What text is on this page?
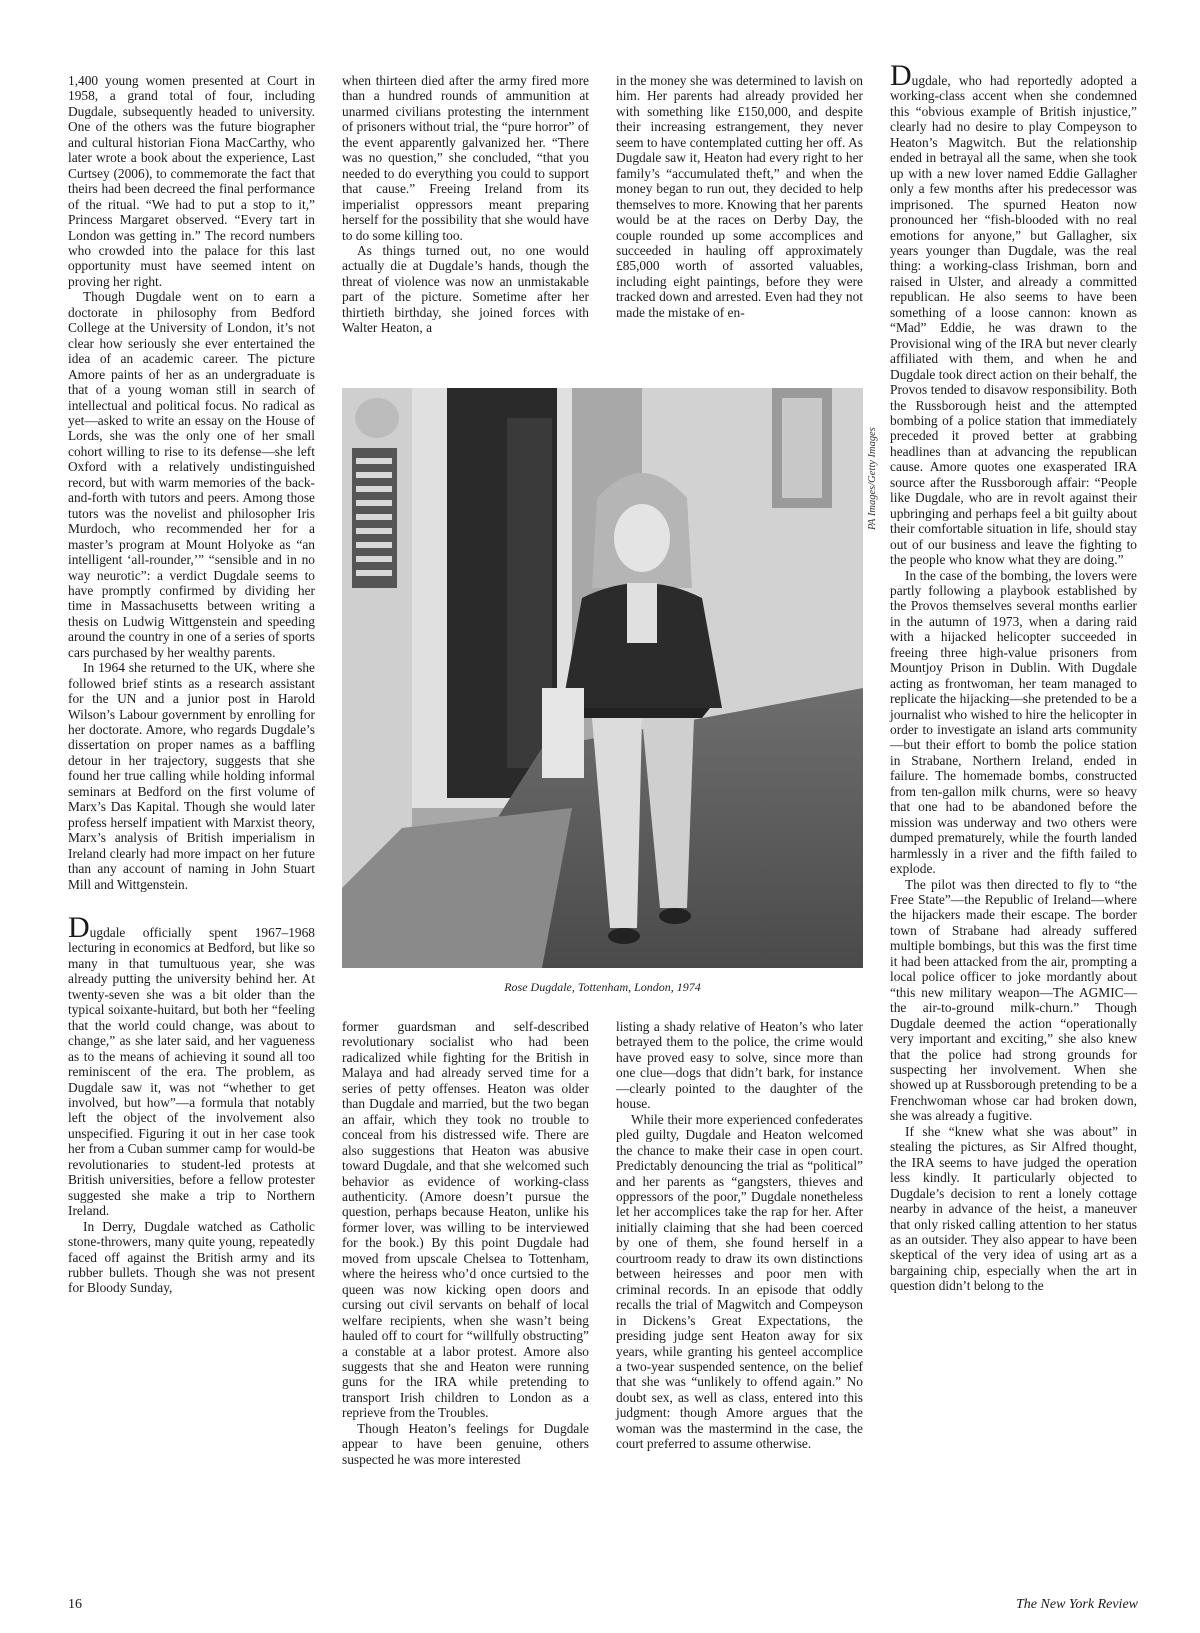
1,400 young women presented at Court in 1958, a grand total of four, including Dugdale, subsequently headed to university. One of the others was the future biographer and cultural historian Fiona MacCarthy, who later wrote a book about the experience, Last Curtsey (2006), to commemorate the fact that theirs had been decreed the final performance of the ritual. “We had to put a stop to it,” Princess Margaret observed. “Every tart in London was getting in.” The record numbers who crowded into the palace for this last opportunity must have seemed intent on proving her right.

Though Dugdale went on to earn a doctorate in philosophy from Bedford College at the University of London, it’s not clear how seriously she ever entertained the idea of an academic career. The picture Amore paints of her as an undergraduate is that of a young woman still in search of intellectual and political focus. No radical as yet—asked to write an essay on the House of Lords, she was the only one of her small cohort willing to rise to its defense—she left Oxford with a relatively undistinguished record, but with warm memories of the back-and-forth with tutors and peers. Among those tutors was the novelist and philosopher Iris Murdoch, who recommended her for a master’s program at Mount Holyoke as “an intelligent ‘all-rounder,’” “sensible and in no way neurotic”: a verdict Dugdale seems to have promptly confirmed by dividing her time in Massachusetts between writing a thesis on Ludwig Wittgenstein and speeding around the country in one of a series of sports cars purchased by her wealthy parents.

In 1964 she returned to the UK, where she followed brief stints as a research assistant for the UN and a junior post in Harold Wilson’s Labour government by enrolling for her doctorate. Amore, who regards Dugdale’s dissertation on proper names as a baffling detour in her trajectory, suggests that she found her true calling while holding informal seminars at Bedford on the first volume of Marx’s Das Kapital. Though she would later profess herself impatient with Marxist theory, Marx’s analysis of British imperialism in Ireland clearly had more impact on her future than any account of naming in John Stuart Mill and Wittgenstein.

Dugdale officially spent 1967–1968 lecturing in economics at Bedford, but like so many in that tumultuous year, she was already putting the university behind her. At twenty-seven she was a bit older than the typical soixante-huitard, but both her “feeling that the world could change, was about to change,” as she later said, and her vagueness as to the means of achieving it sound all too reminiscent of the era. The problem, as Dugdale saw it, was not “whether to get involved, but how”—a formula that notably left the object of the involvement also unspecified. Figuring it out in her case took her from a Cuban summer camp for would-be revolutionaries to student-led protests at British universities, before a fellow protester suggested she make a trip to Northern Ireland.

In Derry, Dugdale watched as Catholic stone-throwers, many quite young, repeatedly faced off against the British army and its rubber bullets. Though she was not present for Bloody Sunday,

when thirteen died after the army fired more than a hundred rounds of ammunition at unarmed civilians protesting the internment of prisoners without trial, the “pure horror” of the event apparently galvanized her. “There was no question,” she concluded, “that you needed to do everything you could to support that cause.” Freeing Ireland from its imperialist oppressors meant preparing herself for the possibility that she would have to do some killing too.

As things turned out, no one would actually die at Dugdale’s hands, though the threat of violence was now an unmistakable part of the picture. Sometime after her thirtieth birthday, she joined forces with Walter Heaton, a

in the money she was determined to lavish on him. Her parents had already provided her with something like £150,000, and despite their increasing estrangement, they never seem to have contemplated cutting her off. As Dugdale saw it, Heaton had every right to her family’s “accumulated theft,” and when the money began to run out, they decided to help themselves to more. Knowing that her parents would be at the races on Derby Day, the couple rounded up some accomplices and succeeded in hauling off approximately £85,000 worth of assorted valuables, including eight paintings, before they were tracked down and arrested. Even had they not made the mistake of en-

PA Images/Getty Images
Rose Dugdale, Tottenham, London, 1974

former guardsman and self-described revolutionary socialist who had been radicalized while fighting for the British in Malaya and had already served time for a series of petty offenses. Heaton was older than Dugdale and married, but the two began an affair, which they took no trouble to conceal from his distressed wife. There are also suggestions that Heaton was abusive toward Dugdale, and that she welcomed such behavior as evidence of working-class authenticity. (Amore doesn’t pursue the question, perhaps because Heaton, unlike his former lover, was willing to be interviewed for the book.) By this point Dugdale had moved from upscale Chelsea to Tottenham, where the heiress who’d once curtsied to the queen was now kicking open doors and cursing out civil servants on behalf of local welfare recipients, when she wasn’t being hauled off to court for “willfully obstructing” a constable at a labor protest. Amore also suggests that she and Heaton were running guns for the IRA while pretending to transport Irish children to London as a reprieve from the Troubles.

Though Heaton’s feelings for Dugdale appear to have been genuine, others suspected he was more interested

listing a shady relative of Heaton’s who later betrayed them to the police, the crime would have proved easy to solve, since more than one clue—dogs that didn’t bark, for instance—clearly pointed to the daughter of the house.

While their more experienced confederates pled guilty, Dugdale and Heaton welcomed the chance to make their case in open court. Predictably denouncing the trial as “political” and her parents as “gangsters, thieves and oppressors of the poor,” Dugdale nonetheless let her accomplices take the rap for her. After initially claiming that she had been coerced by one of them, she found herself in a courtroom ready to draw its own distinctions between heiresses and poor men with criminal records. In an episode that oddly recalls the trial of Magwitch and Compeyson in Dickens’s Great Expectations, the presiding judge sent Heaton away for six years, while granting his genteel accomplice a two-year suspended sentence, on the belief that she was “unlikely to offend again.” No doubt sex, as well as class, entered into this judgment: though Amore argues that the woman was the mastermind in the case, the court preferred to assume otherwise.

Dugdale, who had reportedly adopted a working-class accent when she condemned this “obvious example of British injustice,” clearly had no desire to play Compeyson to Heaton’s Magwitch. But the relationship ended in betrayal all the same, when she took up with a new lover named Eddie Gallagher only a few months after his predecessor was imprisoned. The spurned Heaton now pronounced her “fish-blooded with no real emotions for anyone,” but Gallagher, six years younger than Dugdale, was the real thing: a working-class Irishman, born and raised in Ulster, and already a committed republican. He also seems to have been something of a loose cannon: known as “Mad” Eddie, he was drawn to the Provisional wing of the IRA but never clearly affiliated with them, and when he and Dugdale took direct action on their behalf, the Provos tended to disavow responsibility. Both the Russborough heist and the attempted bombing of a police station that immediately preceded it proved better at grabbing headlines than at advancing the republican cause. Amore quotes one exasperated IRA source after the Russborough affair: “People like Dugdale, who are in revolt against their upbringing and perhaps feel a bit guilty about their comfortable situation in life, should stay out of our business and leave the fighting to the people who know what they are doing.”

In the case of the bombing, the lovers were partly following a playbook established by the Provos themselves several months earlier in the autumn of 1973, when a daring raid with a hijacked helicopter succeeded in freeing three high-value prisoners from Mountjoy Prison in Dublin. With Dugdale acting as frontwoman, her team managed to replicate the hijacking—she pretended to be a journalist who wished to hire the helicopter in order to investigate an island arts community—but their effort to bomb the police station in Strabane, Northern Ireland, ended in failure. The homemade bombs, constructed from ten-gallon milk churns, were so heavy that one had to be abandoned before the mission was underway and two others were dumped prematurely, while the fourth landed harmlessly in a river and the fifth failed to explode.

The pilot was then directed to fly to “the Free State”—the Republic of Ireland—where the hijackers made their escape. The border town of Strabane had already suffered multiple bombings, but this was the first time it had been attacked from the air, prompting a local police officer to joke mordantly about “this new military weapon—The AGMIC—the air-to-ground milk-churn.” Though Dugdale deemed the action “operationally very important and exciting,” she also knew that the police had strong grounds for suspecting her involvement. When she showed up at Russborough pretending to be a Frenchwoman whose car had broken down, she was already a fugitive.

If she “knew what she was about” in stealing the pictures, as Sir Alfred thought, the IRA seems to have judged the operation less kindly. It particularly objected to Dugdale’s decision to rent a lonely cottage nearby in advance of the heist, a maneuver that only risked calling attention to her status as an outsider. They also appear to have been skeptical of the very idea of using art as a bargaining chip, especially when the art in question didn’t belong to the

16	The New York Review
